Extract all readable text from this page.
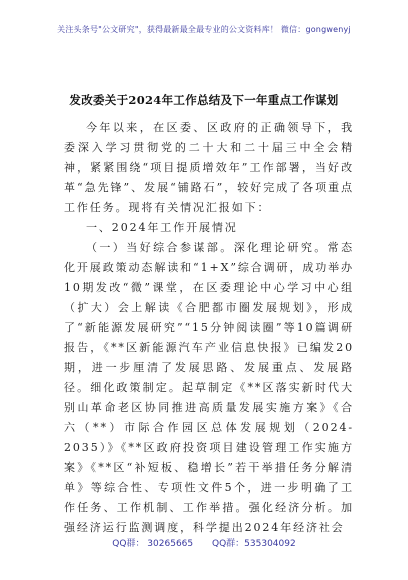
关注头条号"公文研究"，获得最新最全最专业的公文资料库！ 微信：gongwenyj
发改委关于2024年工作总结及下一年重点工作谋划

今年以来，在区委、区政府的正确领导下，我委深入学习贯彻党的二十大和二十届三中全会精神，紧紧围绕“项目提质增效年”工作部署，当好改革“急先锋”、发展“铺路石”，较好完成了各项重点工作任务。现将有关情况汇报如下：

一、2024年工作开展情况

（一）当好综合参谋部。深化理论研究。常态化开展政策动态解读和“1+X”综合调研，成功举办10期发改“微”课堂，在区委理论中心学习中心组（扩大）会上解读《合肥都市圈发展规划》，形成了“新能源发展研究”“15分钟阅读圈”等10篇调研报告，《**区新能源汽车产业信息快报》已编发20期，进一步厘清了发展思路、发展重点、发展路径。细化政策制定。起草制定《**区落实新时代大别山革命老区协同推进高质量发展实施方案》《合六（**）市际合作园区总体发展规划（2024-2035）》《**区政府投资项目建设管理工作实施方案》《**区“补短板、稳增长”若干举措任务分解清单》等综合性、专项性文件5个，进一步明确了工作任务、工作机制、工作举措。强化经济分析。加强经济运行监测调度，科学提出2024年经济社会

QQ群： 30265665 QQ群：535304092
